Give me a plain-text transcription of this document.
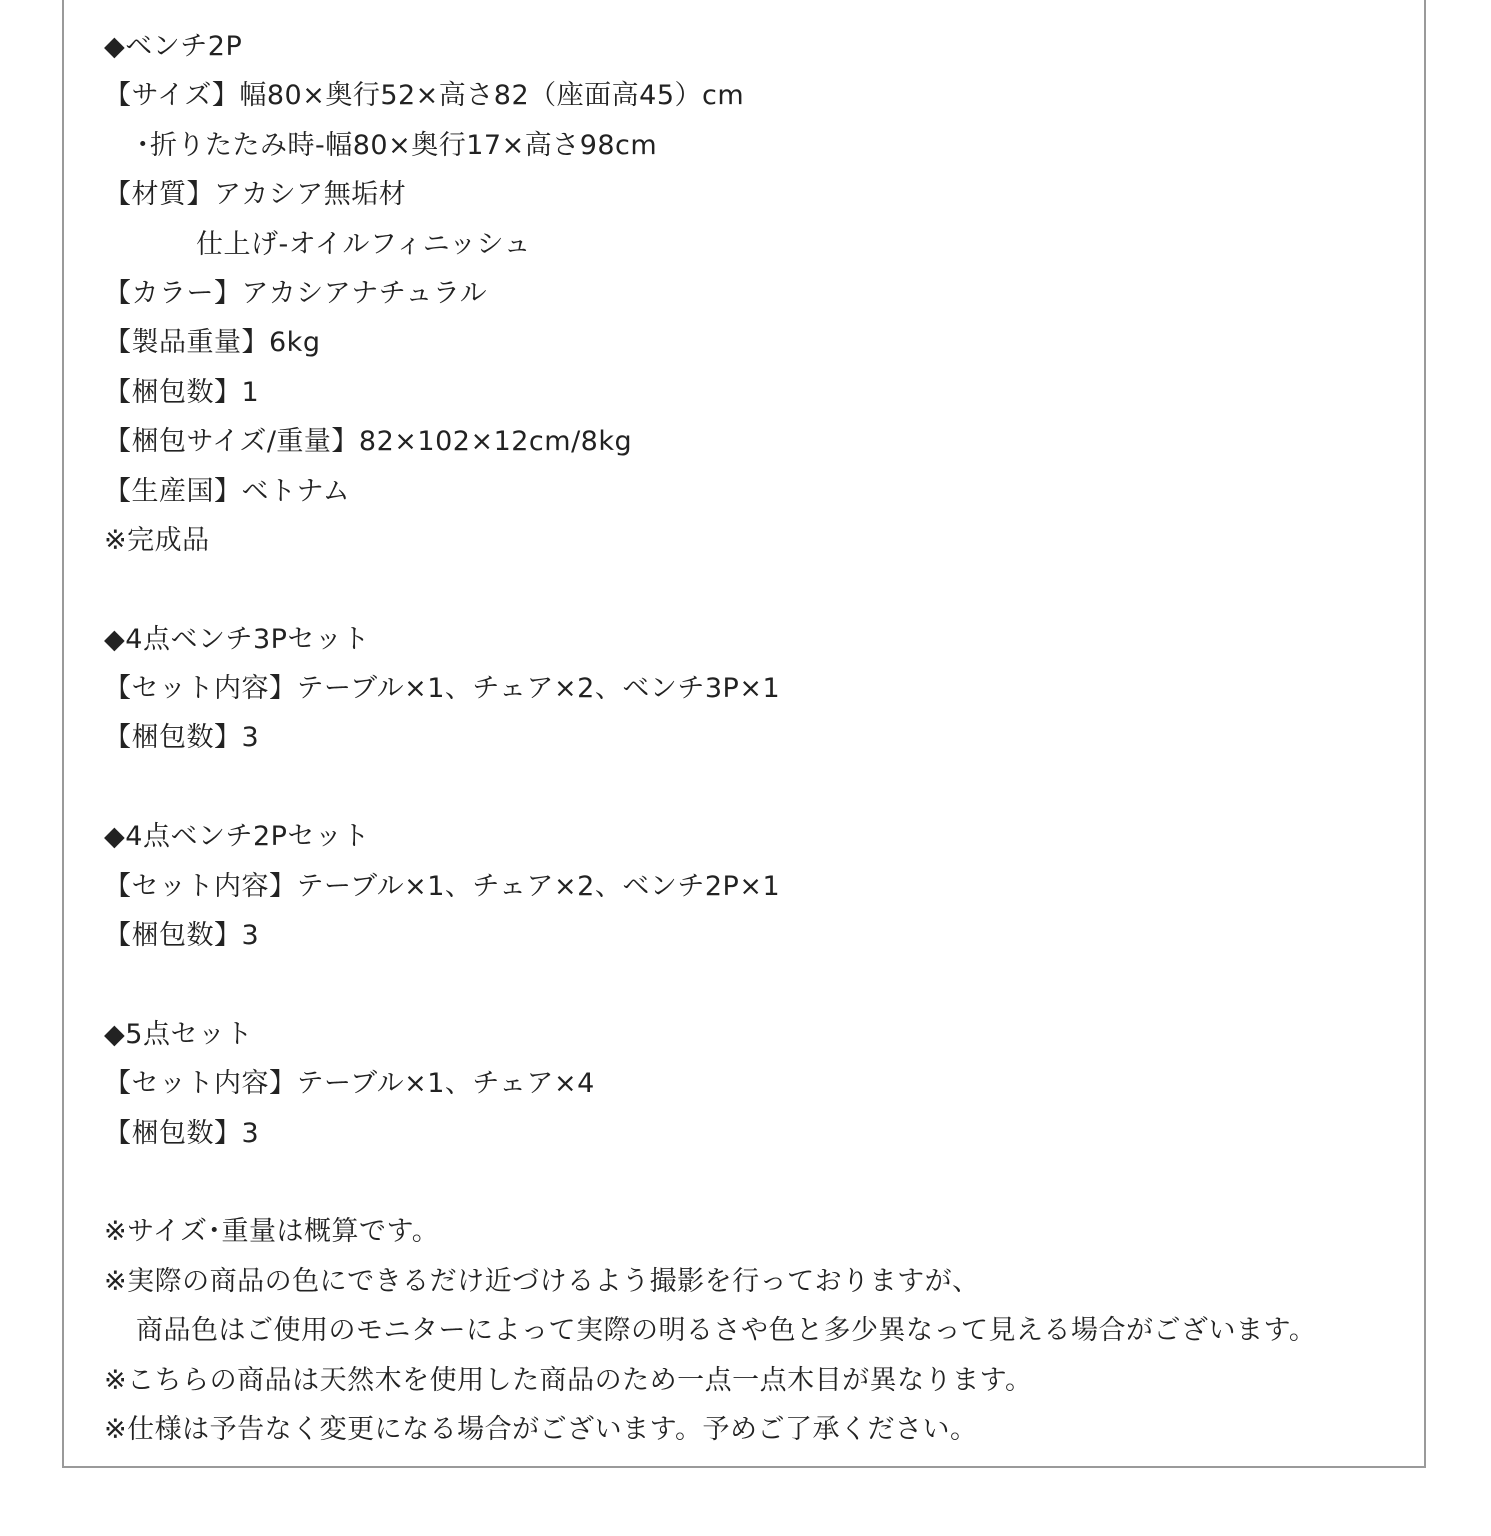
◆ベンチ2P
【サイズ】幅80×奥行52×高さ82（座面高45）cm
･折りたたみ時-幅80×奥行17×高さ98cm
【材質】アカシア無垢材
仕上げ-オイルフィニッシュ
【カラー】アカシアナチュラル
【製品重量】6kg
【梱包数】1
【梱包サイズ/重量】82×102×12cm/8kg
【生産国】ベトナム
※完成品
◆4点ベンチ3Pセット
【セット内容】テーブル×1、チェア×2、ベンチ3P×1
【梱包数】3
◆4点ベンチ2Pセット
【セット内容】テーブル×1、チェア×2、ベンチ2P×1
【梱包数】3
◆5点セット
【セット内容】テーブル×1、チェア×4
【梱包数】3
※サイズ･重量は概算です。
※実際の商品の色にできるだけ近づけるよう撮影を行っておりますが、
商品色はご使用のモニターによって実際の明るさや色と多少異なって見える場合がございます。
※こちらの商品は天然木を使用した商品のため一点一点木目が異なります。
※仕様は予告なく変更になる場合がございます。予めご了承ください。
